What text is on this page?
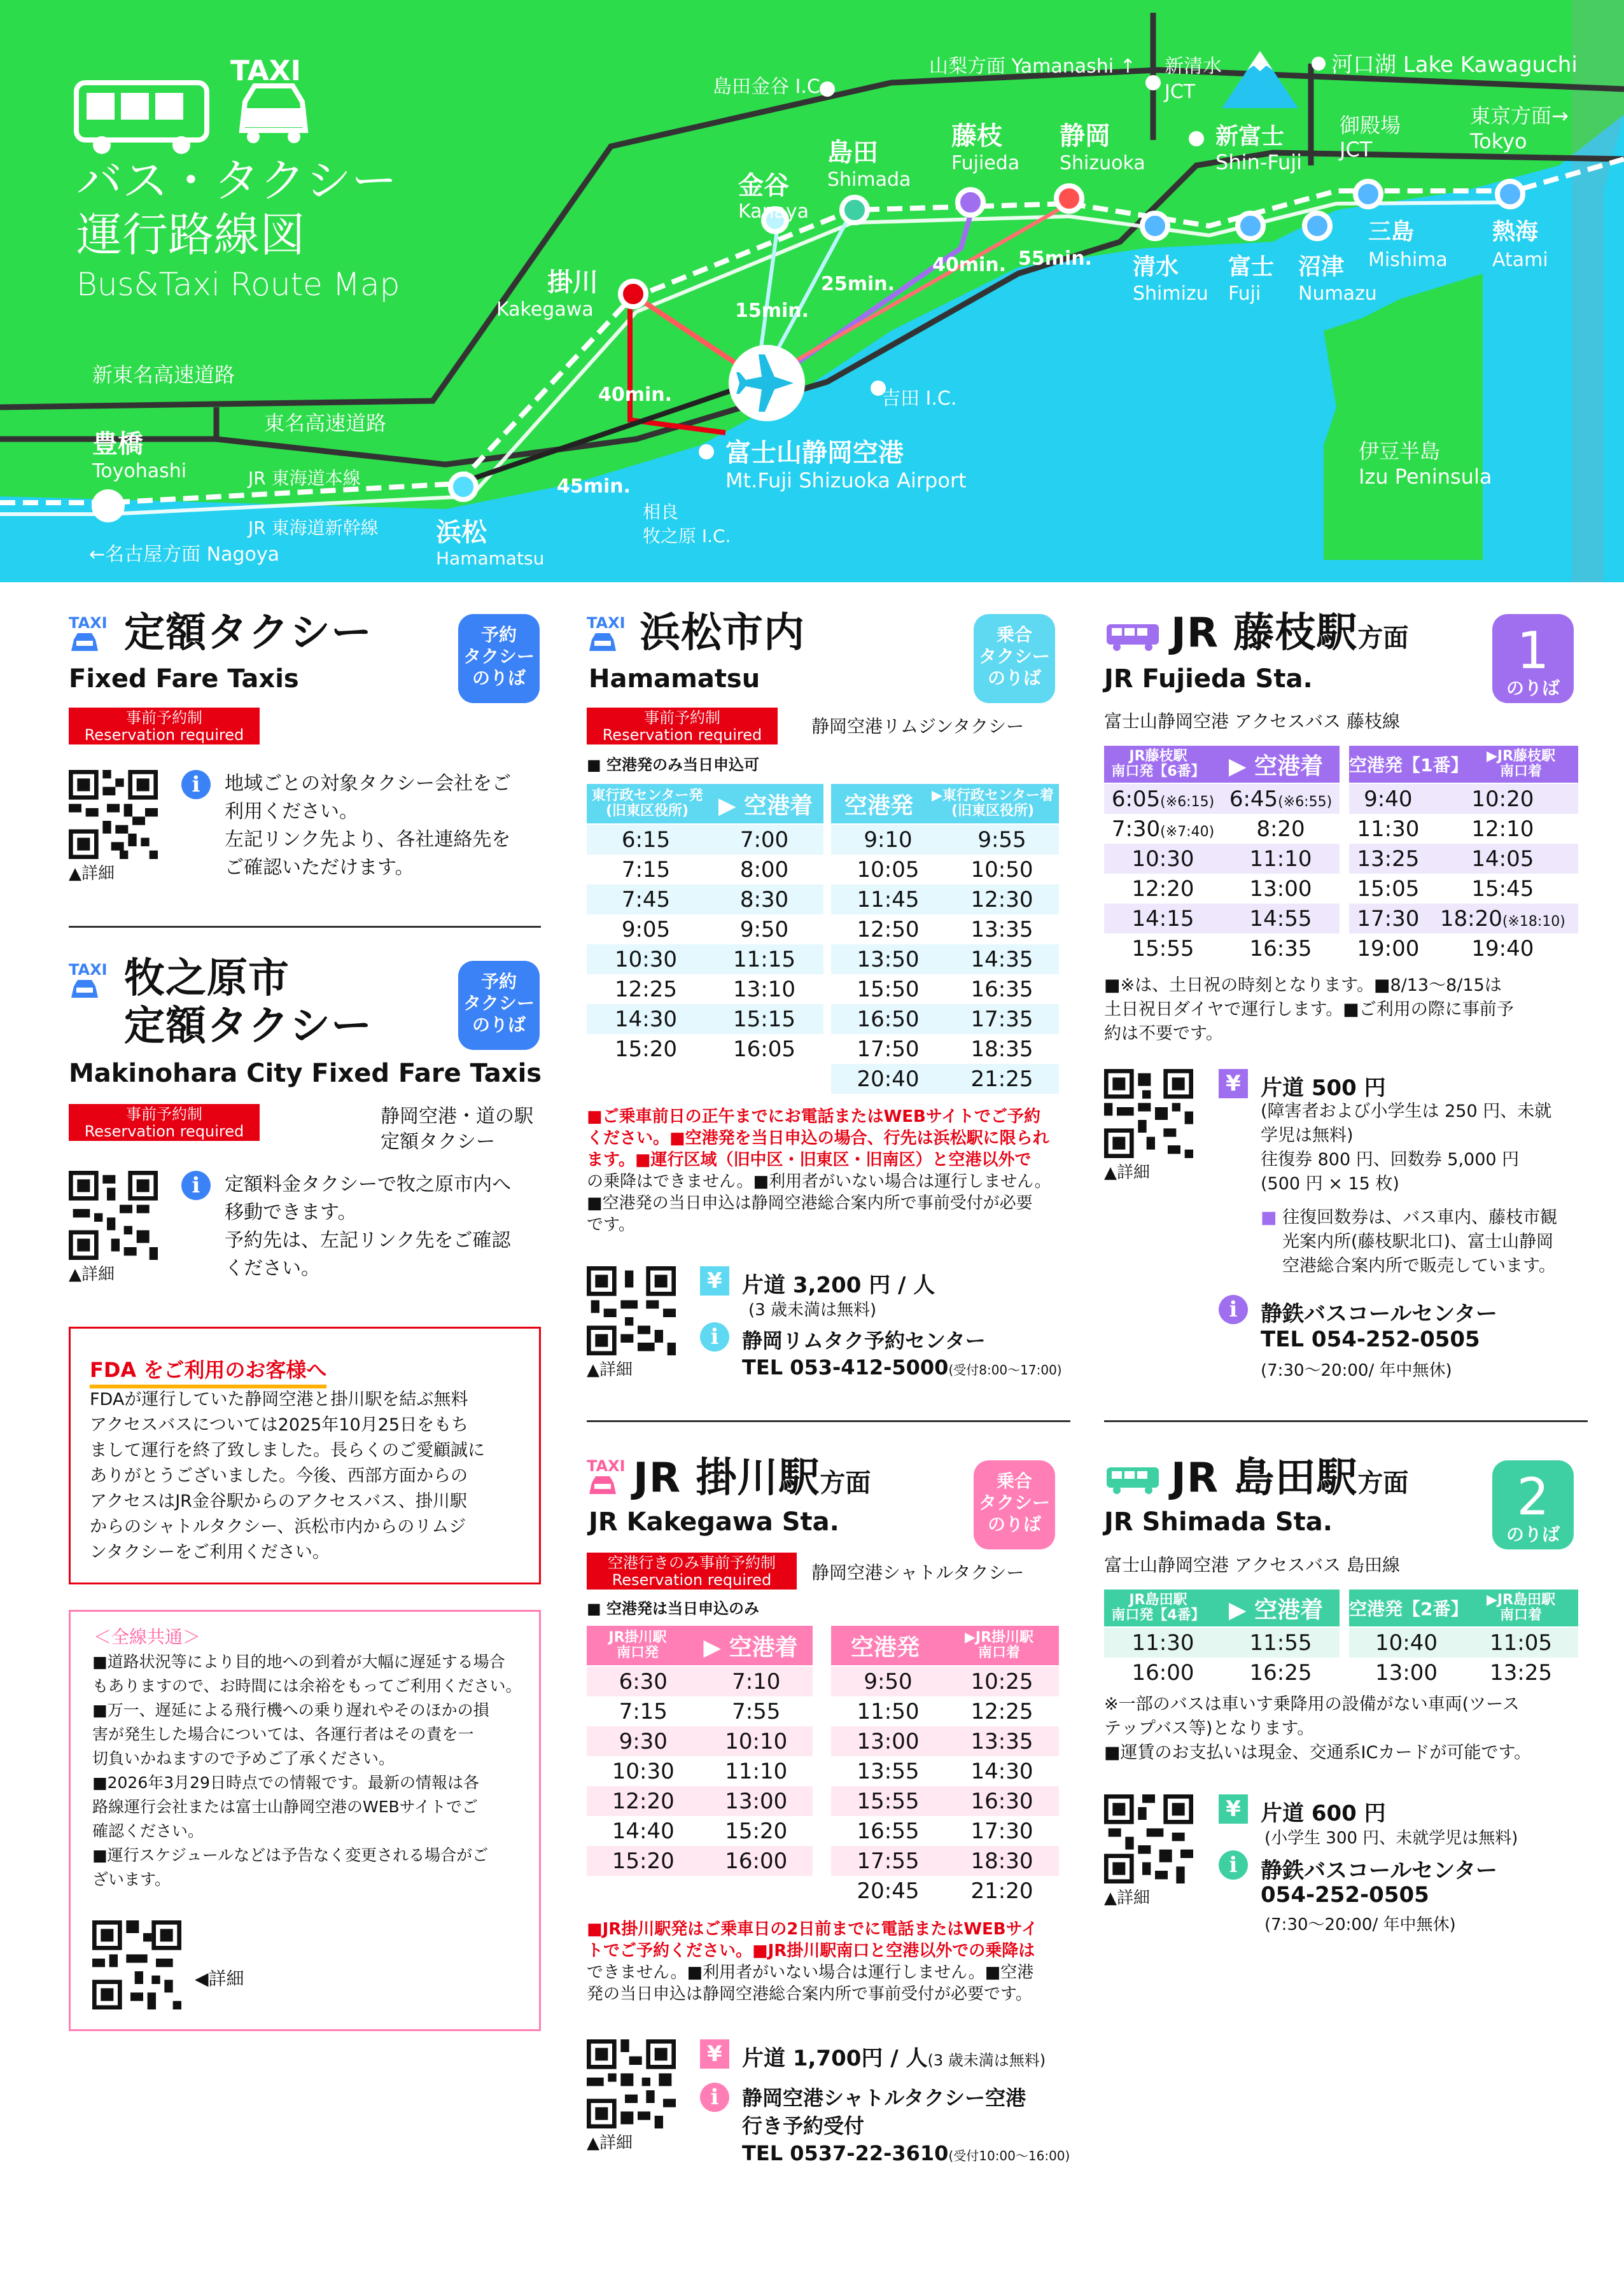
TAXI
バス・タクシー
運行路線図
Bus&Taxi Route Map
島田金谷 I.C.
山梨方面 Yamanashi ↑ 新清水
JCT
河口湖 Lake Kawaguchi
御殿場
JCT
東京方面→
Tokyo
新富士
Shin-Fuji
静岡
Shizuoka
藤枝
Fujieda
島田
Shimada
金谷
Kanaya
掛川
Kakegawa
清水
Shimizu
富士
Fuji
沼津
Numazu
三島
Mishima
熱海
Atami
新東名高速道路
東名高速道路
豊橋
Toyohashi	JR 東海道本線
JR 東海道新幹線
←名古屋方面 Nagoya
浜松
Hamamatsu
富士山静岡空港
Mt.Fuji Shizuoka Airport
相良
牧之原 I.C.
吉田 I.C.
伊豆半島
Izu Peninsula
15min.
25min.
40min. 55min.
40min.
45min.
TAXI 定額タクシー
Fixed Fare Taxis
予約
タクシー
のりば
事前予約制
Reservation required
▲詳細
i	地域ごとの対象タクシー会社をご
利用ください。
左記リンク先より、各社連絡先を
ご確認いただけます。
TAXI 牧之原市
定額タクシー
Makinohara City Fixed Fare Taxis
予約
タクシー
のりば
事前予約制
Reservation required
静岡空港・道の駅
定額タクシー
▲詳細
i	定額料金タクシーで牧之原市内へ
移動できます。
予約先は、左記リンク先をご確認
ください。
FDA をご利用のお客様へ
FDAが運行していた静岡空港と掛川駅を結ぶ無料
アクセスバスについては2025年10月25日をもち
まして運行を終了致しました。長らくのご愛顧誠に
ありがとうございました。今後、西部方面からの
アクセスはJR金谷駅からのアクセスバス、掛川駅
からのシャトルタクシー、浜松市内からのリムジ
ンタクシーをご利用ください。
＜全線共通＞
■道路状況等により目的地への到着が大幅に遅延する場合
もありますので、お時間には余裕をもってご利用ください。
■万一、遅延による飛行機への乗り遅れやそのほかの損
害が発生した場合については、各運行者はその責を一
切負いかねますので予めご了承ください。
■2026年3月29日時点での情報です。最新の情報は各
路線運行会社または富士山静岡空港のWEBサイトでご
確認ください。
■運行スケジュールなどは予告なく変更される場合がご
ざいます。
◀詳細
TAXI 浜松市内
Hamamatsu
乗合
タクシー
のりば
事前予約制
Reservation required	静岡空港リムジンタクシー
■ 空港発のみ当日申込可
東行政センター発
(旧東区役所)	▶ 空港着	空港発	▶東行政センター着
(旧東区役所)
6:15	7:00
7:15	8:00
7:45	8:30
9:05	9:50
10:30	11:15
12:25	13:10
14:30	15:15
15:20	16:05
9:10	9:55
10:05	10:50
11:45	12:30
12:50	13:35
13:50	14:35
15:50	16:35
16:50	17:35
17:50	18:35
20:40	21:25
■ご乗車前日の正午までにお電話またはWEBサイトでご予約
ください。■空港発を当日申込の場合、行先は浜松駅に限られ
ます。■運行区域（旧中区・旧東区・旧南区）と空港以外で
の乗降はできません。■利用者がいない場合は運行しません。
■空港発の当日申込は静岡空港総合案内所で事前受付が必要
です。
▲詳細
¥ 片道 3,200 円 / 人
(3 歳未満は無料)
i	静岡リムタク予約センター
TEL 053-412-5000(受付8:00～17:00)
TAXI JR 掛川駅方面
JR Kakegawa Sta.
乗合
タクシー
のりば
空港行きのみ事前予約制
Reservation required	静岡空港シャトルタクシー
■ 空港発は当日申込のみ
JR掛川駅
南口発	▶ 空港着	空港発	▶JR掛川駅
南口着
6:30	7:10
7:15	7:55
9:30	10:10
10:30	11:10
12:20	13:00
14:40	15:20
15:20	16:00
9:50	10:25
11:50	12:25
13:00	13:35
13:55	14:30
15:55	16:30
16:55	17:30
17:55	18:30
20:45	21:20
■JR掛川駅発はご乗車日の2日前までに電話またはWEBサイ
トでご予約ください。■JR掛川駅南口と空港以外での乗降は
できません。■利用者がいない場合は運行しません。■空港
発の当日申込は静岡空港総合案内所で事前受付が必要です。
▲詳細
¥ 片道 1,700円 / 人(3 歳未満は無料)
i	静岡空港シャトルタクシー空港
行き予約受付
TEL 0537-22-3610(受付10:00～16:00)
JR 藤枝駅方面
JR Fujieda Sta.	1
のりば
富士山静岡空港 アクセスバス 藤枝線
JR藤枝駅
南口発【6番】	▶ 空港着	空港発【1番】	▶JR藤枝駅
南口着
6:05(※6:15)	6:45(※6:55)
7:30(※7:40)	8:20
10:30	11:10
12:20	13:00
14:15	14:55
15:55	16:35
9:40	10:20
11:30	12:10
13:25	14:05
15:05	15:45
17:30	18:20(※18:10)
19:00	19:40
■※は、土日祝の時刻となります。■8/13～8/15は
土日祝日ダイヤで運行します。■ご利用の際に事前予
約は不要です。
▲詳細
¥ 片道 500 円
(障害者および小学生は 250 円、未就
学児は無料)
往復券 800 円、回数券 5,000 円
(500 円 × 15 枚)
■ 往復回数券は、バス車内、藤枝市観
光案内所(藤枝駅北口)、富士山静岡
空港総合案内所で販売しています。
i	静鉄バスコールセンター
TEL 054-252-0505
(7:30～20:00/ 年中無休)
JR 島田駅方面
JR Shimada Sta.	2
のりば
富士山静岡空港 アクセスバス 島田線
JR島田駅
南口発【4番】	▶ 空港着	空港発【2番】	▶JR島田駅
南口着
11:30	11:55
16:00	16:25
10:40	11:05
13:00	13:25
※一部のバスは車いす乗降用の設備がない車両(ツース
テップバス等)となります。
■運賃のお支払いは現金、交通系ICカードが可能です。
▲詳細
¥ 片道 600 円
(小学生 300 円、未就学児は無料)
i	静鉄バスコールセンター
054-252-0505
(7:30～20:00/ 年中無休)
